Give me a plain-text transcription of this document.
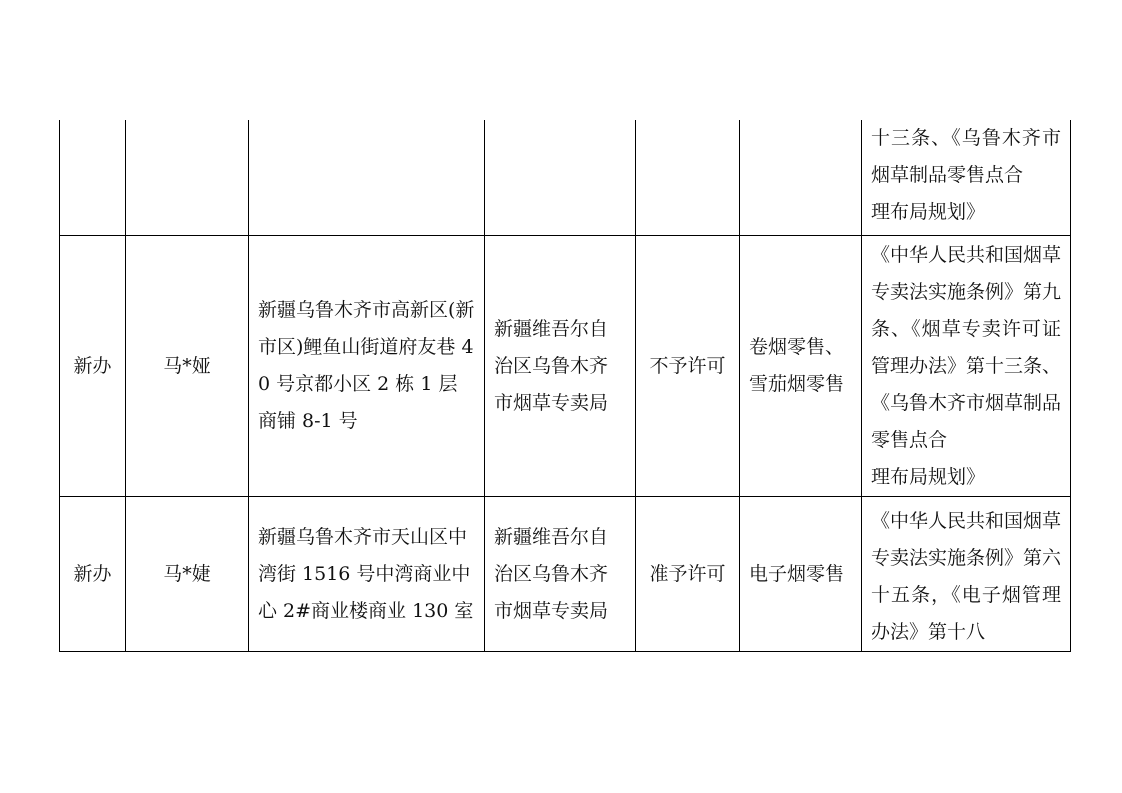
						十三条、《乌鲁木齐市烟草制品零售点合
理布局规划》

新办	马*娅	新疆乌鲁木齐市高新区(新市区)鲤鱼山街道府友巷 40 号京都小区 2 栋 1 层商铺 8-1 号	新疆维吾尔自治区乌鲁木齐市烟草专卖局	不予许可	卷烟零售、雪茄烟零售	《中华人民共和国烟草专卖法实施条例》第九条、《烟草专卖许可证管理办法》第十三条、《乌鲁木齐市烟草制品零售点合
理布局规划》

新办	马*婕	新疆乌鲁木齐市天山区中湾街 1516 号中湾商业中心 2#商业楼商业 130 室	新疆维吾尔自治区乌鲁木齐市烟草专卖局	准予许可	电子烟零售	《中华人民共和国烟草专卖法实施条例》第六十五条，《电子烟管理办法》第十八
